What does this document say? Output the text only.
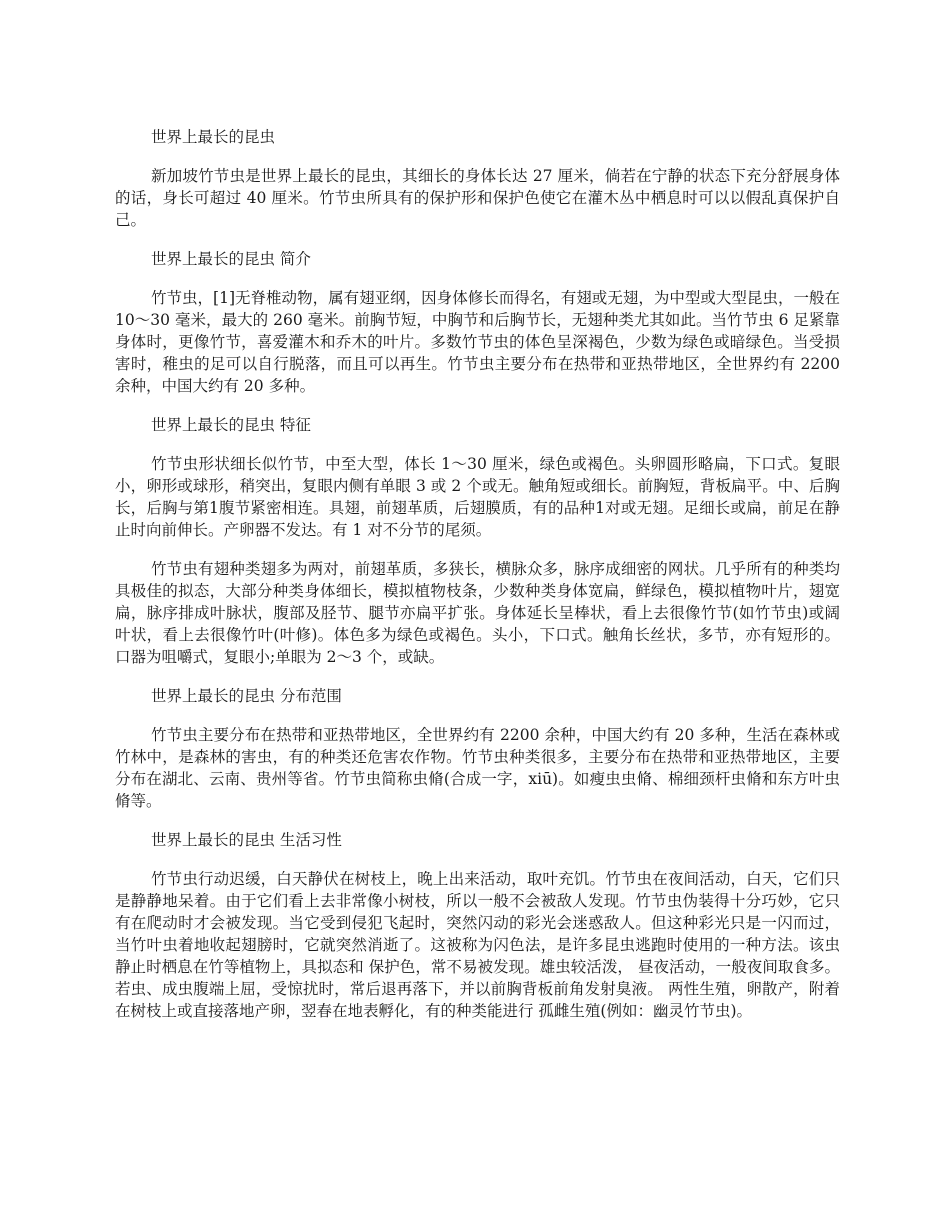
世界上最长的昆虫

新加坡竹节虫是世界上最长的昆虫，其细长的身体长达 27 厘米，倘若在宁静的状态下充分舒展身体的话，身长可超过 40 厘米。竹节虫所具有的保护形和保护色使它在灌木丛中栖息时可以以假乱真保护自己。

世界上最长的昆虫 简介

竹节虫，[1]无脊椎动物，属有翅亚纲，因身体修长而得名，有翅或无翅，为中型或大型昆虫，一般在 10～30 毫米，最大的 260 毫米。前胸节短，中胸节和后胸节长，无翅种类尤其如此。当竹节虫 6 足紧靠身体时，更像竹节，喜爱灌木和乔木的叶片。多数竹节虫的体色呈深褐色，少数为绿色或暗绿色。当受损害时，稚虫的足可以自行脱落，而且可以再生。竹节虫主要分布在热带和亚热带地区，全世界约有 2200 余种，中国大约有 20 多种。

世界上最长的昆虫 特征

竹节虫形状细长似竹节，中至大型，体长 1～30 厘米，绿色或褐色。头卵圆形略扁，下口式。复眼小，卵形或球形，稍突出，复眼内侧有单眼 3 或 2 个或无。触角短或细长。前胸短，背板扁平。中、后胸长，后胸与第1腹节紧密相连。具翅，前翅革质，后翅膜质，有的品种1对或无翅。足细长或扁，前足在静止时向前伸长。产卵器不发达。有 1 对不分节的尾须。

竹节虫有翅种类翅多为两对，前翅革质，多狭长，横脉众多，脉序成细密的网状。几乎所有的种类均具极佳的拟态，大部分种类身体细长，模拟植物枝条，少数种类身体宽扁，鲜绿色，模拟植物叶片，翅宽扁，脉序排成叶脉状，腹部及胫节、腿节亦扁平扩张。身体延长呈棒状，看上去很像竹节(如竹节虫)或阔叶状，看上去很像竹叶(叶修)。体色多为绿色或褐色。头小，下口式。触角长丝状，多节，亦有短形的。口器为咀嚼式，复眼小;单眼为 2～3 个，或缺。

世界上最长的昆虫 分布范围

竹节虫主要分布在热带和亚热带地区，全世界约有 2200 余种，中国大约有 20 多种，生活在森林或竹林中，是森林的害虫，有的种类还危害农作物。竹节虫种类很多，主要分布在热带和亚热带地区，主要分布在湖北、云南、贵州等省。竹节虫简称虫脩(合成一字，xiū)。如瘦虫虫脩、棉细颈杆虫脩和东方叶虫脩等。

世界上最长的昆虫 生活习性

竹节虫行动迟缓，白天静伏在树枝上，晚上出来活动，取叶充饥。竹节虫在夜间活动，白天，它们只是静静地呆着。由于它们看上去非常像小树枝，所以一般不会被敌人发现。竹节虫伪装得十分巧妙，它只有在爬动时才会被发现。当它受到侵犯飞起时，突然闪动的彩光会迷惑敌人。但这种彩光只是一闪而过，当竹叶虫着地收起翅膀时，它就突然消逝了。这被称为闪色法，是许多昆虫逃跑时使用的一种方法。该虫静止时栖息在竹等植物上，具拟态和 保护色，常不易被发现。雄虫较活泼， 昼夜活动，一般夜间取食多。若虫、成虫腹端上屈，受惊扰时，常后退再落下，并以前胸背板前角发射臭液。 两性生殖，卵散产，附着在树枝上或直接落地产卵，翌春在地表孵化，有的种类能进行 孤雌生殖(例如：幽灵竹节虫)。
